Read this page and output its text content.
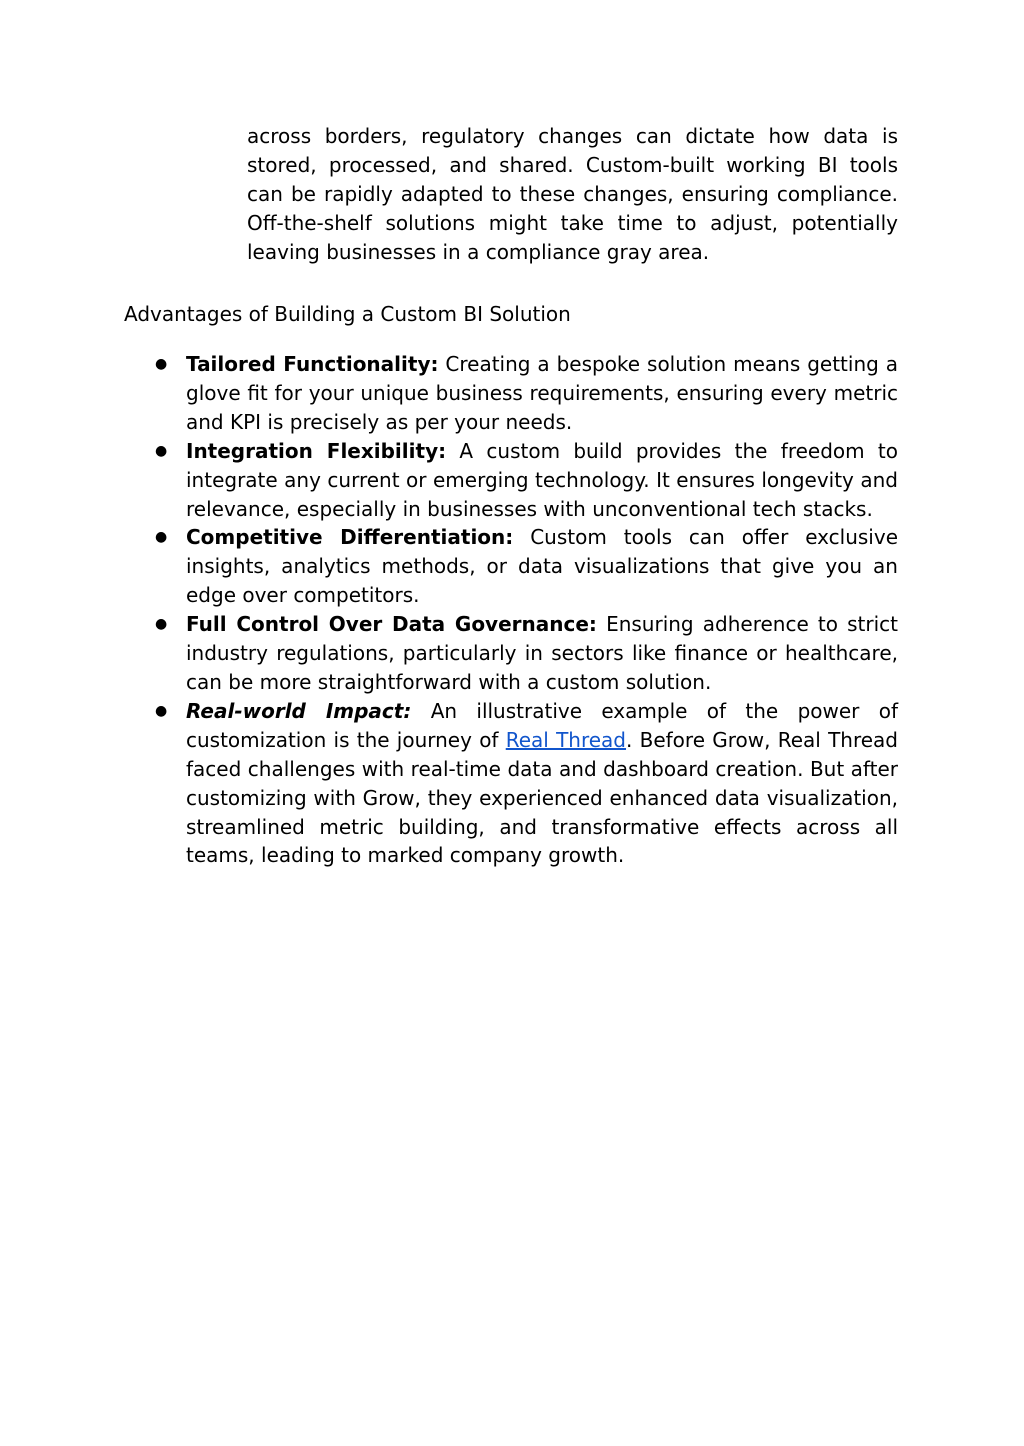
across borders, regulatory changes can dictate how data is stored, processed, and shared. Custom-built working BI tools can be rapidly adapted to these changes, ensuring compliance. Off-the-shelf solutions might take time to adjust, potentially leaving businesses in a compliance gray area.

Advantages of Building a Custom BI Solution
● Tailored Functionality: Creating a bespoke solution means getting a glove fit for your unique business requirements, ensuring every metric and KPI is precisely as per your needs.
● Integration Flexibility: A custom build provides the freedom to integrate any current or emerging technology. It ensures longevity and relevance, especially in businesses with unconventional tech stacks.
● Competitive Differentiation: Custom tools can offer exclusive insights, analytics methods, or data visualizations that give you an edge over competitors.
● Full Control Over Data Governance: Ensuring adherence to strict industry regulations, particularly in sectors like finance or healthcare, can be more straightforward with a custom solution.
● Real-world Impact: An illustrative example of the power of customization is the journey of Real Thread. Before Grow, Real Thread faced challenges with real-time data and dashboard creation. But after customizing with Grow, they experienced enhanced data visualization, streamlined metric building, and transformative effects across all teams, leading to marked company growth.
